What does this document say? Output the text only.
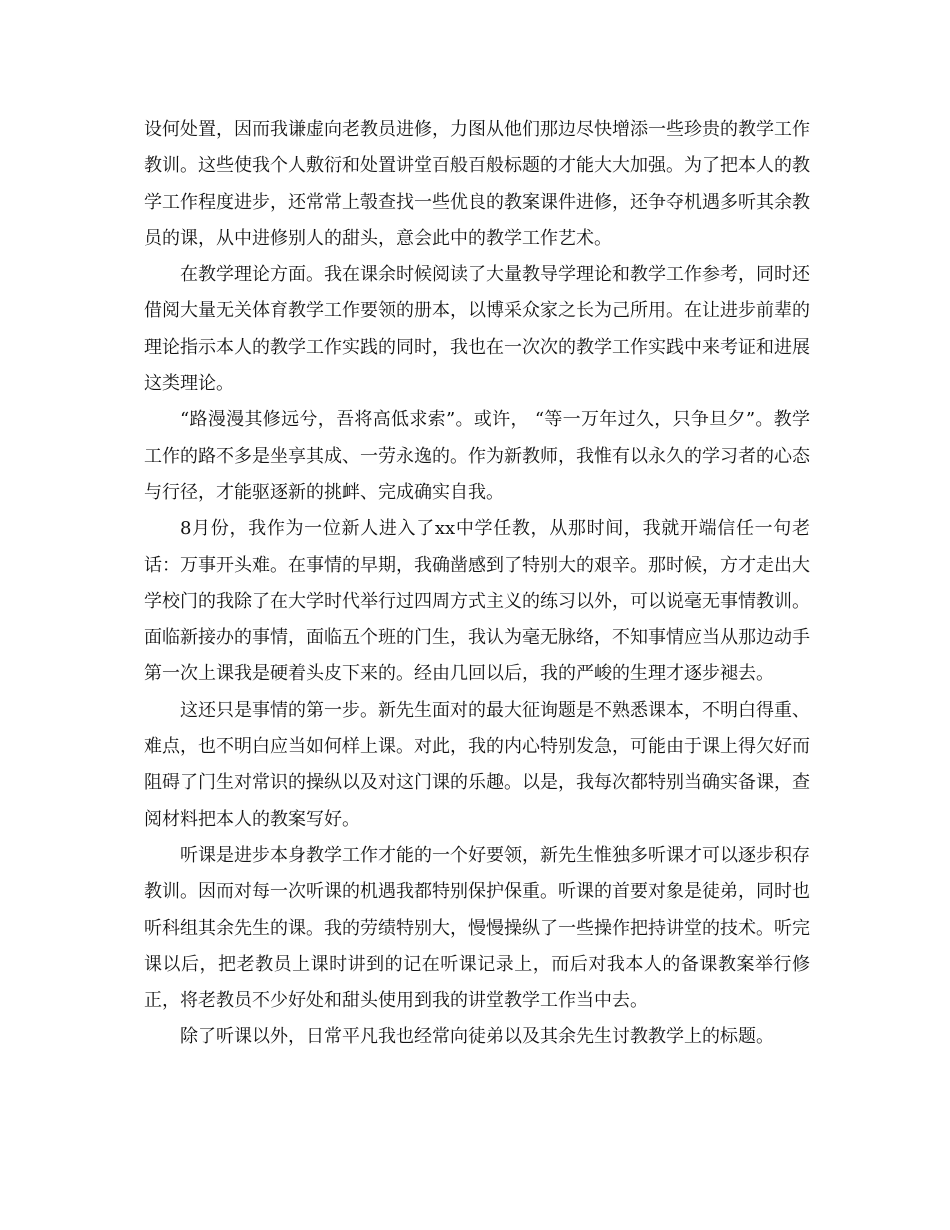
设何处置，因而我谦虚向老教员进修，力图从他们那边尽快增添一些珍贵的教学工作教训。这些使我个人敷衍和处置讲堂百般百般标题的才能大大加强。为了把本人的教学工作程度进步，还常常上彀查找一些优良的教案课件进修，还争夺机遇多听其余教员的课，从中进修别人的甜头，意会此中的教学工作艺术。

在教学理论方面。我在课余时候阅读了大量教导学理论和教学工作参考，同时还借阅大量无关体育教学工作要领的册本，以博采众家之长为己所用。在让进步前辈的理论指示本人的教学工作实践的同时，我也在一次次的教学工作实践中来考证和进展这类理论。

“路漫漫其修远兮，吾将高低求索”。或许， “等一万年过久，只争旦夕”。教学工作的路不多是坐享其成、一劳永逸的。作为新教师，我惟有以永久的学习者的心态与行径，才能驱逐新的挑衅、完成确实自我。

8月份，我作为一位新人进入了xx中学任教，从那时间，我就开端信任一句老话：万事开头难。在事情的早期，我确凿感到了特别大的艰辛。那时候，方才走出大学校门的我除了在大学时代举行过四周方式主义的练习以外，可以说毫无事情教训。面临新接办的事情，面临五个班的门生，我认为毫无脉络，不知事情应当从那边动手第一次上课我是硬着头皮下来的。经由几回以后，我的严峻的生理才逐步褪去。

这还只是事情的第一步。新先生面对的最大征询题是不熟悉课本，不明白得重、难点，也不明白应当如何样上课。对此，我的内心特别发急，可能由于课上得欠好而阻碍了门生对常识的操纵以及对这门课的乐趣。以是，我每次都特别当确实备课，查阅材料把本人的教案写好。

听课是进步本身教学工作才能的一个好要领，新先生惟独多听课才可以逐步积存教训。因而对每一次听课的机遇我都特别保护保重。听课的首要对象是徒弟，同时也听科组其余先生的课。我的劳绩特别大，慢慢操纵了一些操作把持讲堂的技术。听完课以后，把老教员上课时讲到的记在听课记录上，而后对我本人的备课教案举行修正，将老教员不少好处和甜头使用到我的讲堂教学工作当中去。

除了听课以外，日常平凡我也经常向徒弟以及其余先生讨教教学上的标题。
